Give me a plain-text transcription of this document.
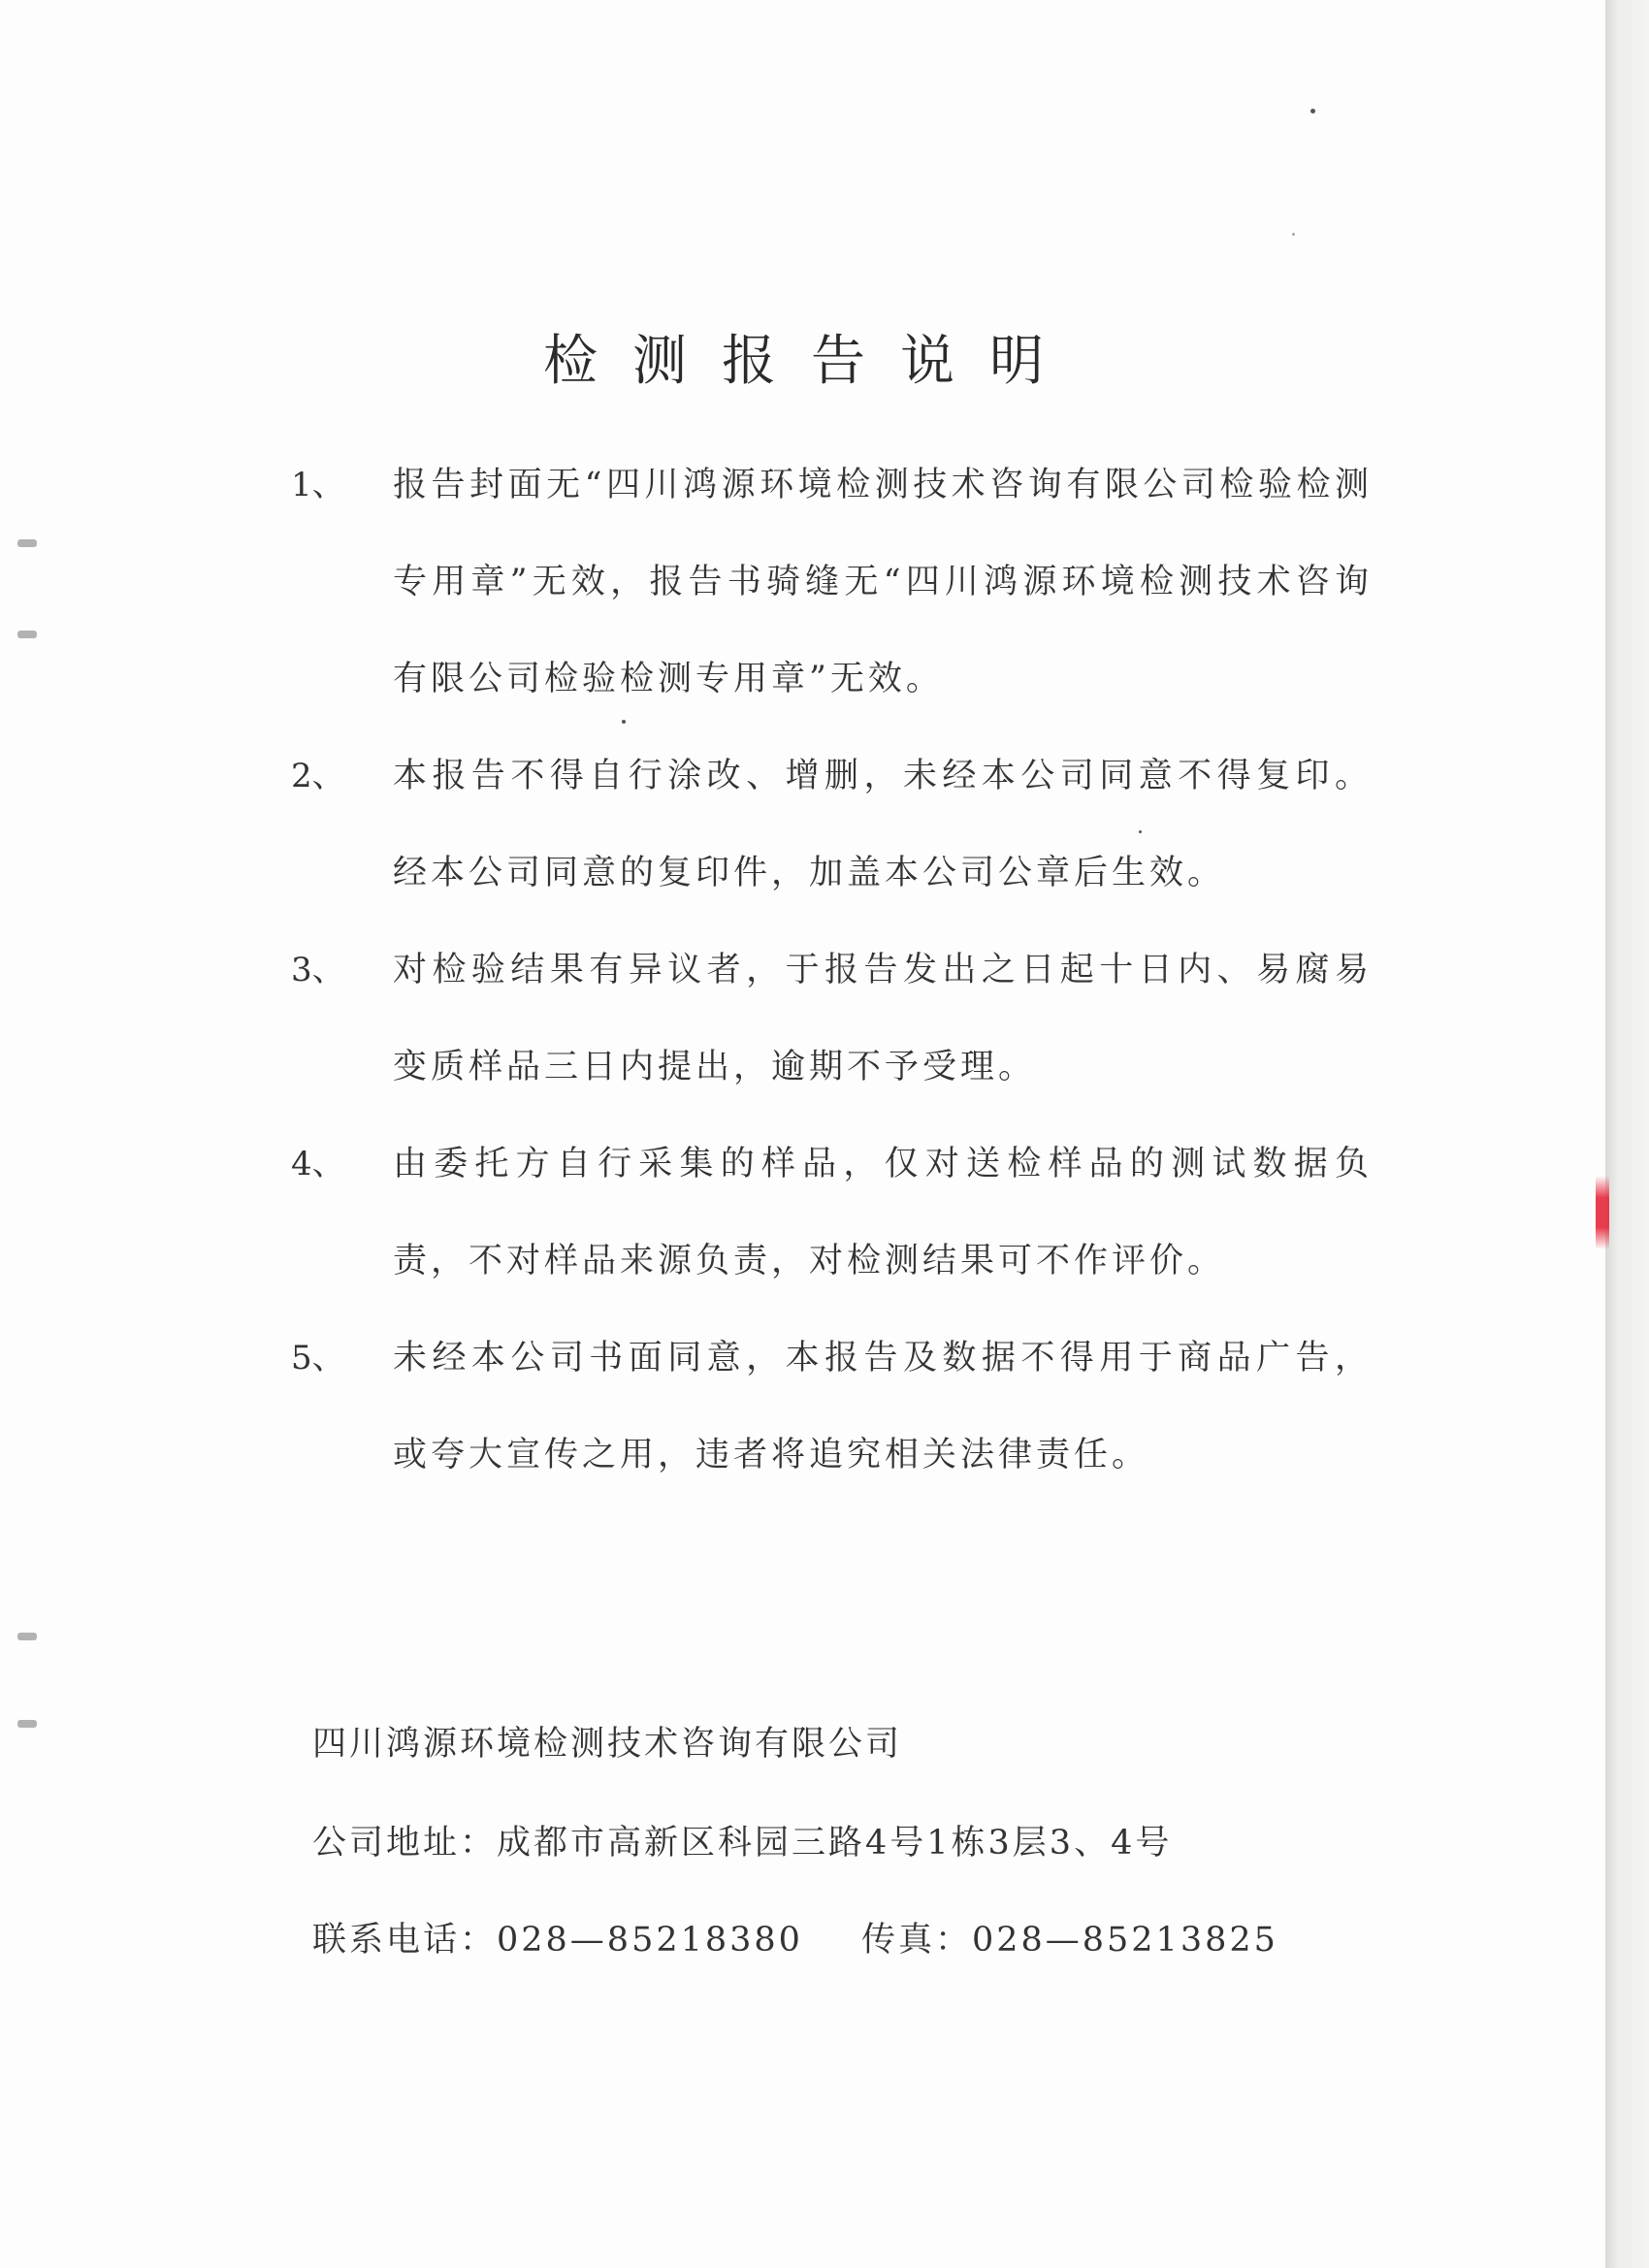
检测报告说明
1、 报告封面无“四川鸿源环境检测技术咨询有限公司检验检测专用章”无效，报告书骑缝无“四川鸿源环境检测技术咨询有限公司检验检测专用章”无效。
2、 本报告不得自行涂改、增删，未经本公司同意不得复印。经本公司同意的复印件，加盖本公司公章后生效。
3、 对检验结果有异议者，于报告发出之日起十日内、易腐易变质样品三日内提出，逾期不予受理。
4、 由委托方自行采集的样品，仅对送检样品的测试数据负责，不对样品来源负责，对检测结果可不作评价。
5、 未经本公司书面同意，本报告及数据不得用于商品广告，或夸大宣传之用，违者将追究相关法律责任。
四川鸿源环境检测技术咨询有限公司
公司地址：成都市高新区科园三路4号1栋3层3、4号
联系电话：028—85218380 传真：028—85213825
